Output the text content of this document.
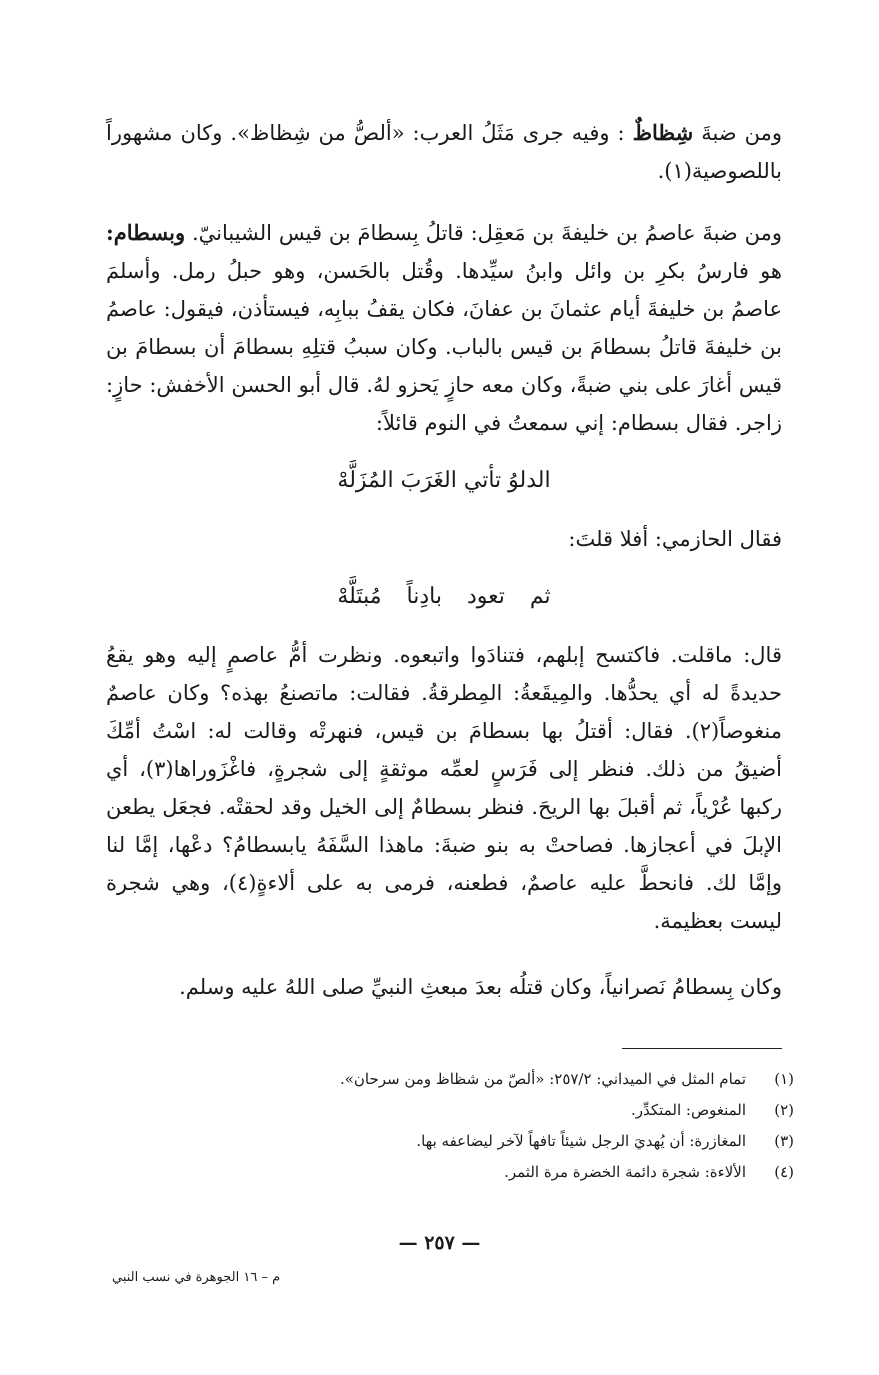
ومن ضبةَ شِظاظٌ : وفيه جرى مَثَلُ العرب: «ألصُّ من شِظاظ». وكان مشهوراً باللصوصية(١).

ومن ضبةَ عاصمُ بن خليفةَ بن مَعقِل: قاتلُ بِسطامَ بن قيس الشيبانيّ. وبسطام: هو فارسُ بكرِ بن وائل وابنُ سيِّدها. وقُتل بالحَسن، وهو حبلُ رمل. وأسلمَ عاصمُ بن خليفةَ أيام عثمانَ بن عفانَ، فكان يقفُ ببابِه، فيستأذن، فيقول: عاصمُ بن خليفةَ قاتلُ بسطامَ بن قيس بالباب. وكان سببُ قتلِهِ بسطامَ أن بسطامَ بن قيس أغارَ على بني ضبةً، وكان معه حازٍ يَحزو لهُ. قال أبو الحسن الأخفش: حازٍ: زاجر. فقال بسطام: إني سمعتُ في النوم قائلاً:

الدلوُ تأتي الغَرَبَ المُزَلَّهْ

فقال الحازمي: أفلا قلتَ:

ثم تعود بادِناً مُبتَلَّهْ

قال: ماقلت. فاكتسح إبلهم، فتنادَوا واتبعوه. ونظرت أمُّ عاصمٍ إليه وهو يقعُ حديدةً له أي يحدُّها. والمِيقَعةُ: المِطرقةُ. فقالت: ماتصنعُ بهذه؟ وكان عاصمٌ منغوصاً(٢). فقال: أقتلُ بها بسطامَ بن قيس، فنهرتْه وقالت له: اسْتُ أمِّكَ أضيقُ من ذلك. فنظر إلى فَرَسٍ لعمِّه موثقةٍ إلى شجرةٍ، فاغْزَوراها(٣)، أي ركبها عُرْياً، ثم أقبلَ بها الريحَ. فنظر بسطامٌ إلى الخيل وقد لحقتْه. فجعَل يطعن الإبلَ في أعجازها. فصاحتْ به بنو ضبةَ: ماهذا السَّفَهُ يابسطامُ؟ دعْها، إمَّا لنا وإمَّا لك. فانحطَّ عليه عاصمٌ، فطعنه، فرمى به على ألاءةٍ(٤)، وهي شجرة ليست بعظيمة.

وكان بِسطامُ نَصرانياً، وكان قتلُه بعدَ مبعثِ النبيِّ صلى اللهُ عليه وسلم.

(١)
تمام المثل في الميداني: ٢٥٧/٢: «ألصّ من شظاظ ومن سرحان».
(٢)
المنغوص: المتكدِّر.
(٣)
المغازرة: أن يُهديَ الرجل شيئاً تافهاً لآخر ليضاعفه بها.
(٤)
الألاءة: شجرة دائمة الخضرة مرة الثمر.
— ٢٥٧ —
م – ١٦ الجوهرة في نسب النبي
